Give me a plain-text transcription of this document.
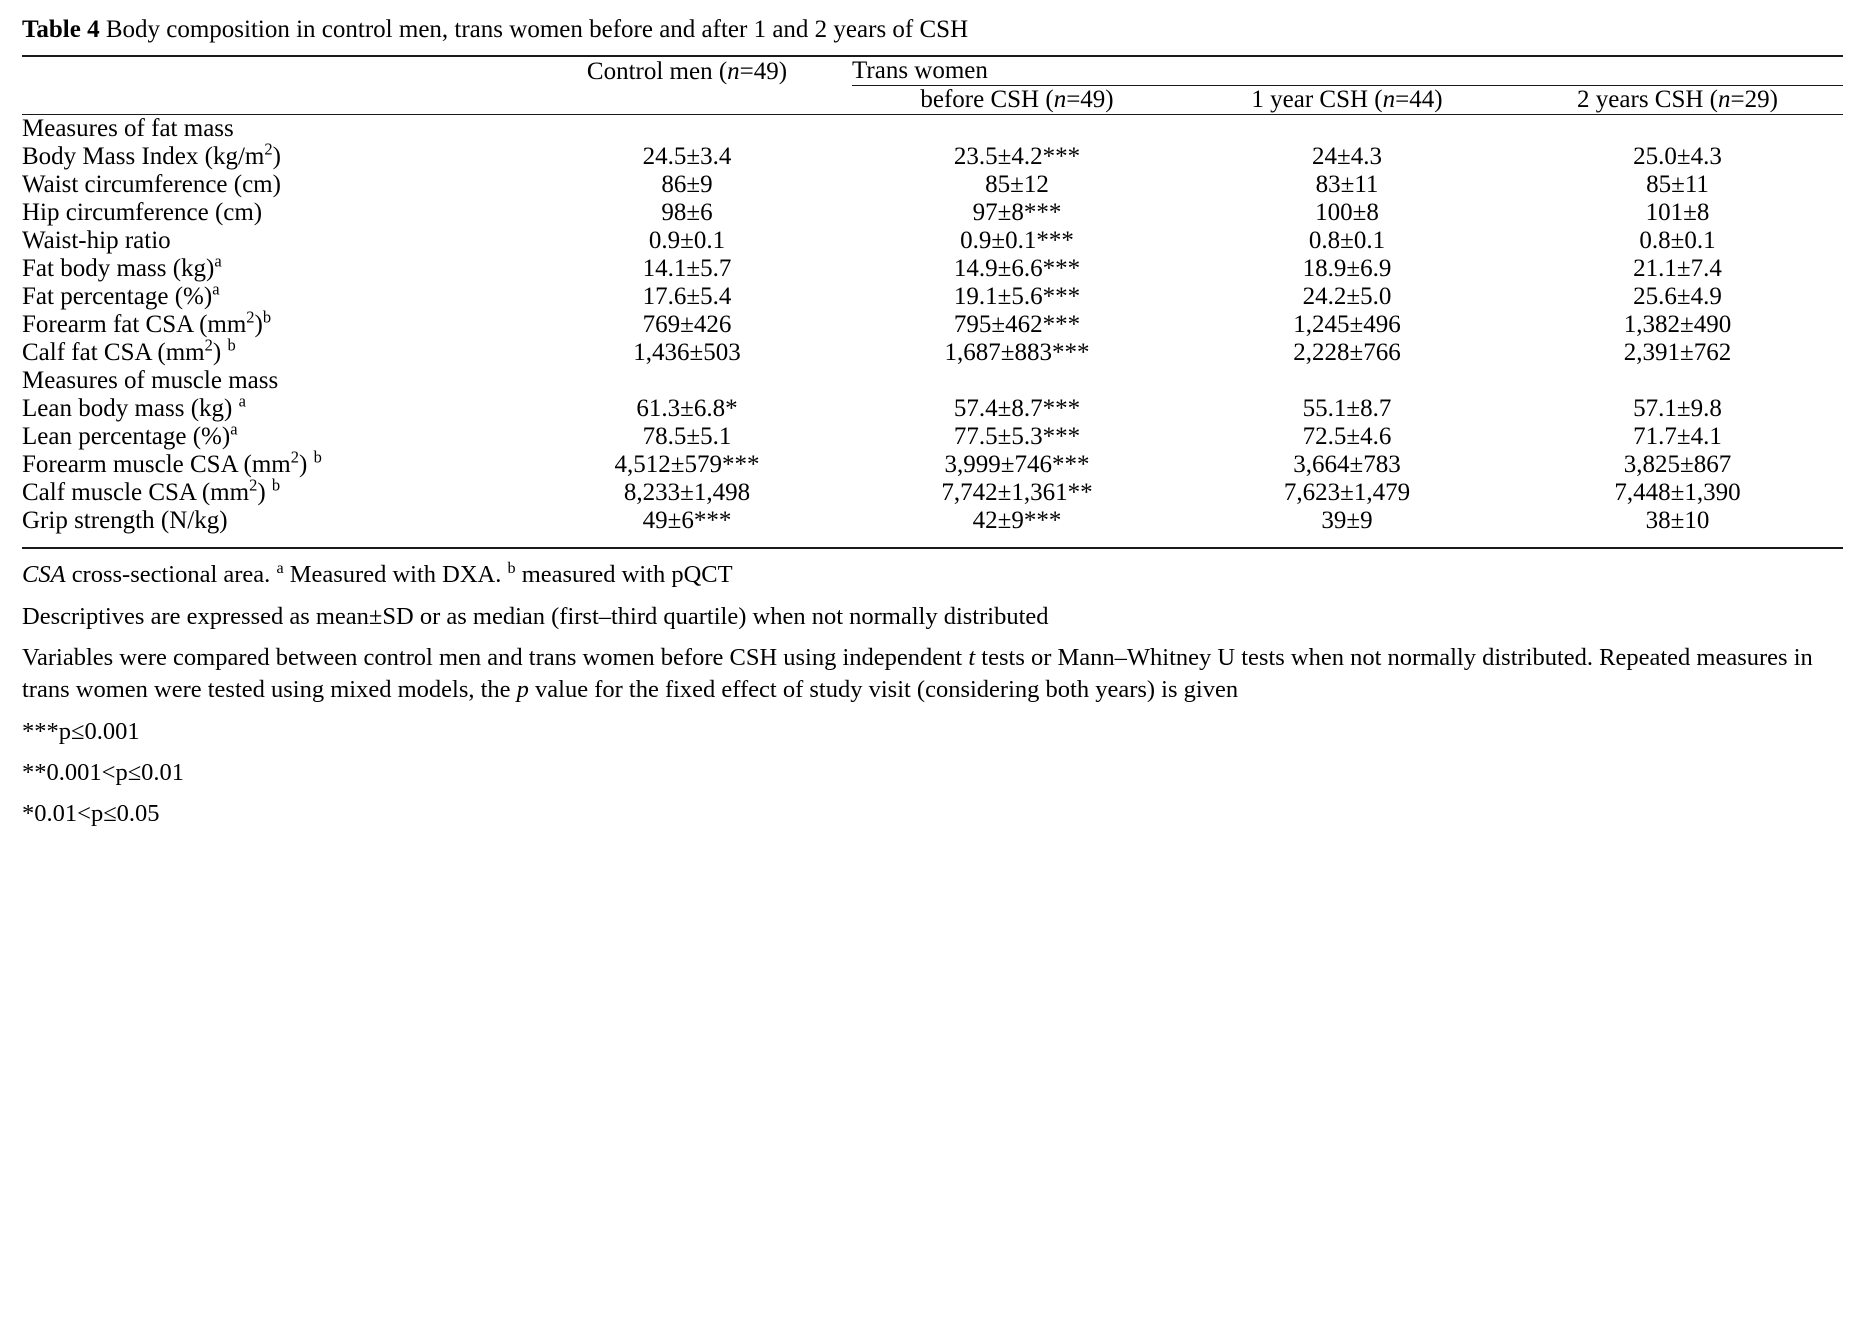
Table 4 Body composition in control men, trans women before and after 1 and 2 years of CSH
	Control men (n=49)	Trans women		
		before CSH (n=49)	1 year CSH (n=44)	2 years CSH (n=29)
Measures of fat mass				
Body Mass Index $(kg/m^2)$	24.5±3.4	23.5±4.2***	24±4.3	25.0±4.3
Waist circumference (cm)	86±9	85±12	83±11	85±11
Hip circumference (cm)	98±6	97±8***	100±8	101±8
Waist-hip ratio	0.9±0.1	0.9±0.1***	0.8±0.1	0.8±0.1
Fat body mass (kg)$^a$	14.1±5.7	14.9±6.6***	18.9±6.9	21.1±7.4
Fat percentage (%)$^a$	17.6±5.4	19.1±5.6***	24.2±5.0	25.6±4.9
Forearm fat CSA $(mm^2)^b$	769±426	795±462***	1,245±496	1,382±490
Calf fat CSA $(mm^2)$ $^b$	1,436±503	1,687±883***	2,228±766	2,391±762
Measures of muscle mass				
Lean body mass (kg) $^a$	61.3±6.8*	57.4±8.7***	55.1±8.7	57.1±9.8
Lean percentage (%)$^a$	78.5±5.1	77.5±5.3***	72.5±4.6	71.7±4.1
Forearm muscle CSA $(mm^2)$ $^b$	4,512±579***	3,999±746***	3,664±783	3,825±867
Calf muscle CSA $(mm^2)$ $^b$	8,233±1,498	7,742±1,361**	7,623±1,479	7,448±1,390
Grip strength (N/kg)	49±6***	42±9***	39±9	38±10

CSA cross-sectional area. $^a$ Measured with DXA. $^b$ measured with pQCT

Descriptives are expressed as mean±SD or as median (first–third quartile) when not normally distributed

Variables were compared between control men and trans women before CSH using independent t tests or Mann–Whitney U tests when not normally distributed. Repeated measures in trans women were tested using mixed models, the p value for the fixed effect of study visit (considering both years) is given

***p≤0.001

**0.001<p≤0.01

*0.01<p≤0.05
